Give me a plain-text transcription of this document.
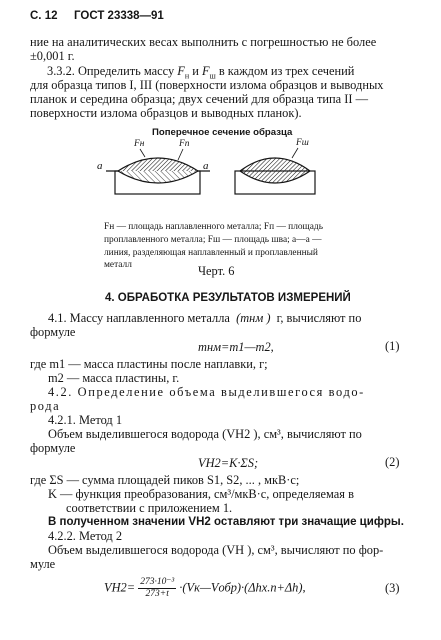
С. 12 ГОСТ 23338—91
ние на аналитических весах выполнить с погрешностью не более
±0,001 г.
3.3.2. Определить массу $F_н$ и $F_ш$ в каждом из трех сечений
для образца типов I, III (поверхности излома образцов и выводных
планок и середина образца; двух сечений для образца типа II —
поверхности излома образцов и выводных планок).
Поперечное сечение образца
а	а
Fн	Fп	Fш
Fн — площадь наплавленного металла; Fп — площадь
проплавленного металла; Fш — площадь шва; а—а —
линия, разделяющая наплавленный и проплавленный
металл	Черт. 6
4. ОБРАБОТКА РЕЗУЛЬТАТОВ ИЗМЕРЕНИЙ
4.1. Массу наплавленного металла (mнм ) г, вычисляют по
формуле
mнм=m1—m2,	(1)
где m1 — масса пластины после наплавки, г;
m2 — масса пластины, г.
4.2. Определение объема выделившегося водо-
рода
4.2.1. Метод 1
Объем выделившегося водорода (VH2 ), см³, вычисляют по
формуле
VH2=K·ΣS;	(2)
где ΣS — сумма площадей пиков S1, S2, ... , мкВ·с;
K — функция преобразования, см³/мкВ·с, определяемая в
соответствии с приложением 1.
В полученном значении VH2 оставляют три значащие цифры.
4.2.2. Метод 2
Объем выделившегося водорода (VH ), см³, вычисляют по фор-
муле
$VH2= \frac{\text{273·10⁻³}}{273+t}$ ·(Vк—Vобр)·(Δhх.п+Δh),	(3)
